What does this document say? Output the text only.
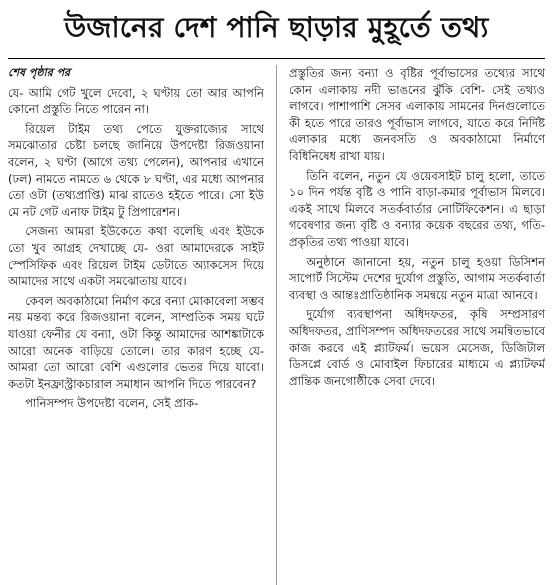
উজানের দেশ পানি ছাড়ার মুহূর্তে তথ্য
শেষ পৃষ্ঠার পর

যে- আমি গেট খুলে দেবো, ২ ঘণ্টায় তো আর আপনি কোনো প্রস্তুতি নিতে পারেন না।

রিয়েল টাইম তথ্য পেতে যুক্তরাজ্যের সাথে সমঝোতার চেষ্টা চলছে জানিয়ে উপদেষ্টা রিজওয়ানা বলেন, ২ ঘণ্টা (আগে তথ্য পেলেন), আপনার এখানে (ঢল) নামতে নামতে ৬ থেকে ৮ ঘণ্টা, এর মধ্যে আপনার তো ওটা (তথ্যপ্রাপ্তি) মাঝ রাতেও হইতে পারে। সো ইউ মে নট গেট এনাফ টাইম টু প্রিপারেশন।

সেজন্য আমরা ইউকেতে কথা বলেছি এবং ইউকে তো খুব আগ্রহ দেখাচ্ছে যে- ওরা আমাদেরকে সাইট স্পেসিফিক এবং রিয়েল টাইম ডেটাতে অ্যাকসেস দিয়ে আমাদের সাথে একটা সমঝোতায় যাবে।

কেবল অবকাঠামো নির্মাণ করে বন্যা মোকাবেলা সম্ভব নয় মন্তব্য করে রিজওয়ানা বলেন, সাম্প্রতিক সময় ঘটে যাওয়া ফেনীর যে বন্যা, ওটা কিন্তু আমাদের আশঙ্কাটাকে আরো অনেক বাড়িয়ে তোলে। তার কারণ হচ্ছে যে- আমরা তো আরো বেশি এগুলোর ভেতর দিয়ে যাবো। কতটা ইনফ্রাস্ট্রাকচারাল সমাধান আপনি দিতে পারবেন?

পানিসম্পদ উপদেষ্টা বলেন, সেই প্রাক-

প্রস্তুতির জন্য বন্যা ও বৃষ্টির পূর্বাভাসের তথ্যের সাথে কোন এলাকায় নদী ভাঙনের ঝুঁকি বেশি- সেই তথ্যও লাগবে। পাশাপাশি সেসব এলাকায় সামনের দিনগুলোতে কী হতে পারে তারও পূর্বাভাস লাগবে, যাতে করে নির্দিষ্ট এলাকার মধ্যে জনবসতি ও অবকাঠামো নির্মাণে বিধিনিষেধ রাখা যায়।

তিনি বলেন, নতুন যে ওয়েবসাইট চালু হলো, তাতে ১০ দিন পর্যন্ত বৃষ্টি ও পানি বাড়া-কমার পূর্বাভাস মিলবে। একই সাথে মিলবে সতর্কবার্তার নোটিফিকেশন। এ ছাড়া গবেষণার জন্য বৃষ্টি ও বন্যার কয়েক বছরের তথ্য, গতি-প্রকৃতির তথ্য পাওয়া যাবে।

অনুষ্ঠানে জানানো হয়, নতুন চালু হওয়া ডিসিশন সাপোর্ট সিস্টেম দেশের দুর্যোগ প্রস্তুতি, আগাম সতর্কবার্তা ব্যবস্থা ও আন্তঃপ্রাতিষ্ঠানিক সমন্বয়ে নতুন মাত্রা আনবে।

দুর্যোগ ব্যবস্থাপনা অধিদফতর, কৃষি সম্প্রসারণ অধিদফতর, প্রাণিসম্পদ অধিদফতরের সাথে সমন্বিতভাবে কাজ করবে এই প্ল্যাটফর্ম। ভয়েস মেসেজ, ডিজিটাল ডিসপ্লে বোর্ড ও মোবাইল ফিচারের মাধ্যমে এ প্ল্যাটফর্ম প্রান্তিক জনগোষ্ঠীকে সেবা দেবে।
